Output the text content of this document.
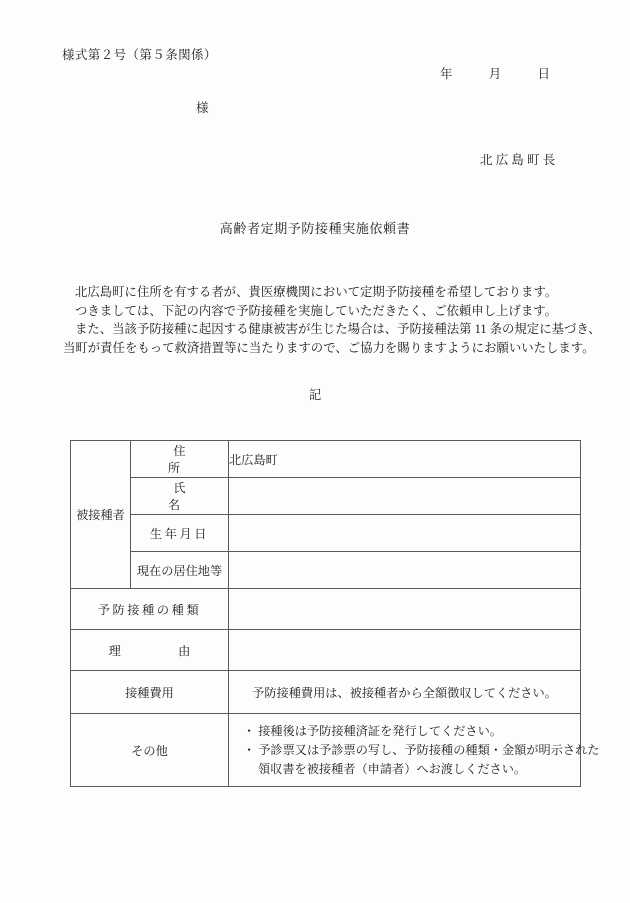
様式第２号（第５条関係）
年	月	日
様
北広島町長
高齢者定期予防接種実施依頼書

北広島町に住所を有する者が、貴医療機関において定期予防接種を希望しております。

つきましては、下記の内容で予防接種を実施していただきたく、ご依頼申し上げます。

また、当該予防接種に起因する健康被害が生じた場合は、予防接種法第 11 条の規定に基づき、

当町が責任をもって救済措置等に当たりますので、ご協力を賜りますようにお願いいたします。

記
被接種者	住　　所	北広島町
	氏　　名	
	生年月日	
	現在の居住地等	
予防接種の種類		
理　　由		
接種費用		予防接種費用は、被接種者から全額徴収してください。
その他		・ 接種後は予防接種済証を発行してください。
・ 予診票又は予診票の写し、予防接種の種類・金額が明示された
領収書を被接種者（申請者）へお渡しください。
